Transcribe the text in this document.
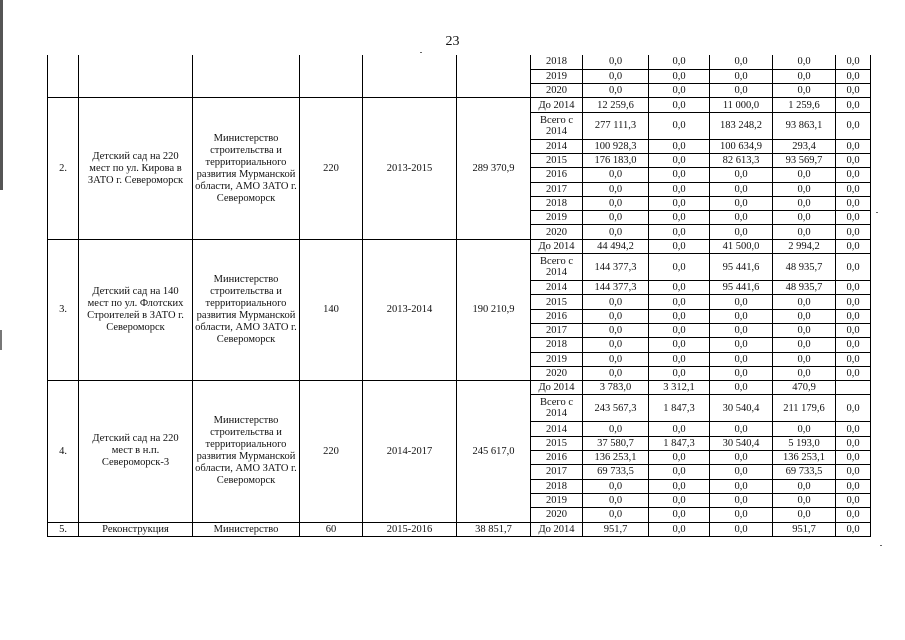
23
						2018	0,0	0,0	0,0	0,0	0,0
						2019	0,0	0,0	0,0	0,0	0,0
						2020	0,0	0,0	0,0	0,0	0,0
2.	Детский сад на 220 мест по ул. Кирова в ЗАТО г. Североморск	Министерство строительства и территориального развития Мурманской области, АМО ЗАТО г. Североморск	220	2013-2015	289 370,9	До 2014	12 259,6	0,0	11 000,0	1 259,6	0,0
						Всего с 2014	277 111,3	0,0	183 248,2	93 863,1	0,0
						2014	100 928,3	0,0	100 634,9	293,4	0,0
						2015	176 183,0	0,0	82 613,3	93 569,7	0,0
						2016	0,0	0,0	0,0	0,0	0,0
						2017	0,0	0,0	0,0	0,0	0,0
						2018	0,0	0,0	0,0	0,0	0,0
						2019	0,0	0,0	0,0	0,0	0,0
						2020	0,0	0,0	0,0	0,0	0,0
3.	Детский сад на 140 мест по ул. Флотских Строителей в ЗАТО г. Североморск	Министерство строительства и территориального развития Мурманской области, АМО ЗАТО г. Североморск	140	2013-2014	190 210,9	До 2014	44 494,2	0,0	41 500,0	2 994,2	0,0
						Всего с 2014	144 377,3	0,0	95 441,6	48 935,7	0,0
						2014	144 377,3	0,0	95 441,6	48 935,7	0,0
						2015	0,0	0,0	0,0	0,0	0,0
						2016	0,0	0,0	0,0	0,0	0,0
						2017	0,0	0,0	0,0	0,0	0,0
						2018	0,0	0,0	0,0	0,0	0,0
						2019	0,0	0,0	0,0	0,0	0,0
						2020	0,0	0,0	0,0	0,0	0,0
4.	Детский сад на 220 мест в н.п. Североморск-3	Министерство строительства и территориального развития Мурманской области, АМО ЗАТО г. Североморск	220	2014-2017	245 617,0	До 2014	3 783,0	3 312,1	0,0	470,9	
						Всего с 2014	243 567,3	1 847,3	30 540,4	211 179,6	0,0
						2014	0,0	0,0	0,0	0,0	0,0
						2015	37 580,7	1 847,3	30 540,4	5 193,0	0,0
						2016	136 253,1	0,0	0,0	136 253,1	0,0
						2017	69 733,5	0,0	0,0	69 733,5	0,0
						2018	0,0	0,0	0,0	0,0	0,0
						2019	0,0	0,0	0,0	0,0	0,0
						2020	0,0	0,0	0,0	0,0	0,0
5.	Реконструкция	Министерство	60	2015-2016	38 851,7	До 2014	951,7	0,0	0,0	951,7	0,0
